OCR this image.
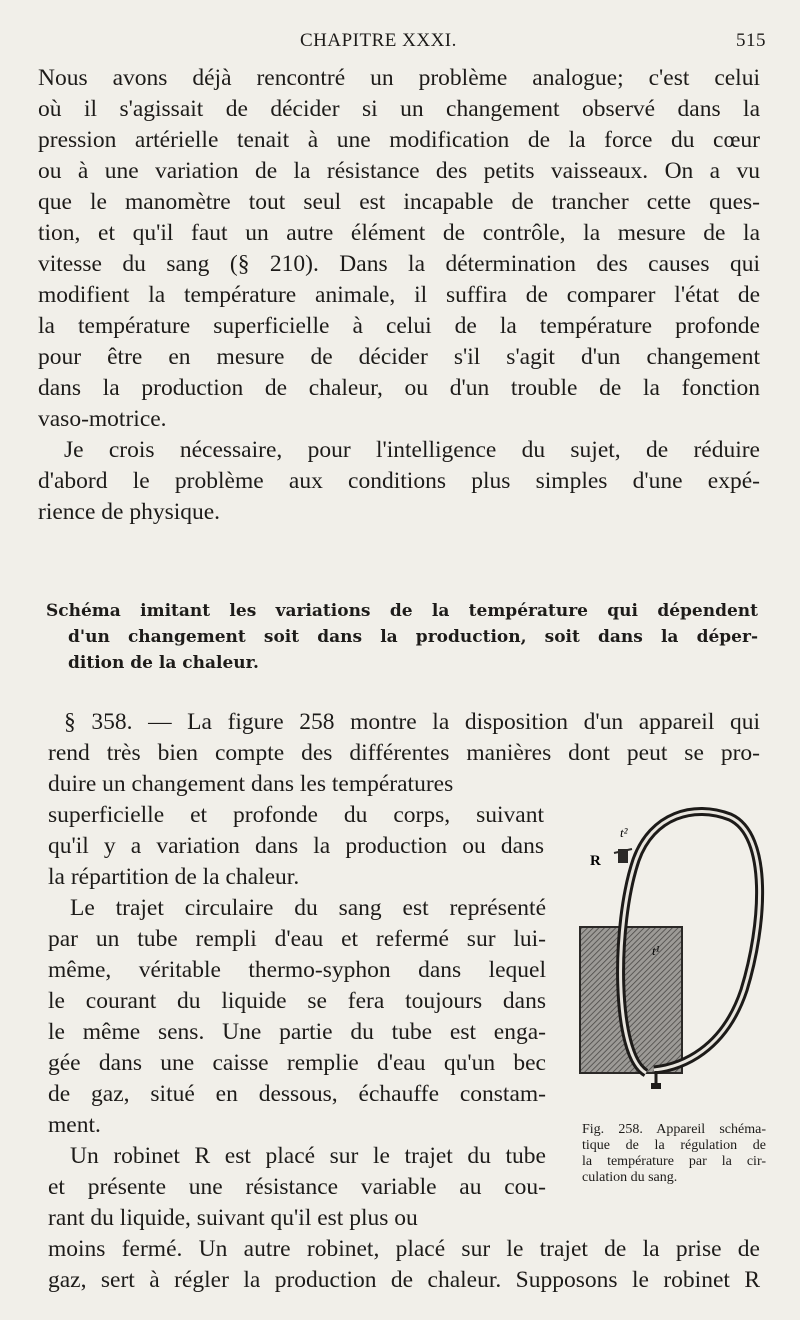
CHAPITRE XXXI.	515
Nous avons déjà rencontré un problème analogue; c'est celui
où il s'agissait de décider si un changement observé dans la
pression artérielle tenait à une modification de la force du cœur
ou à une variation de la résistance des petits vaisseaux. On a vu
que le manomètre tout seul est incapable de trancher cette ques-
tion, et qu'il faut un autre élément de contrôle, la mesure de la
vitesse du sang (§ 210). Dans la détermination des causes qui
modifient la température animale, il suffira de comparer l'état de
la température superficielle à celui de la température profonde
pour être en mesure de décider s'il s'agit d'un changement
dans la production de chaleur, ou d'un trouble de la fonction
vaso-motrice.
Je crois nécessaire, pour l'intelligence du sujet, de réduire
d'abord le problème aux conditions plus simples d'une expé-
rience de physique.
Schéma imitant les variations de la température qui dépendent
d'un changement soit dans la production, soit dans la déper-
dition de la chaleur.
§ 358. — La figure 258 montre la disposition d'un appareil qui
rend très bien compte des différentes manières dont peut se pro-
duire un changement dans les températures
superficielle et profonde du corps, suivant
qu'il y a variation dans la production ou dans
la répartition de la chaleur.
Le trajet circulaire du sang est représenté
par un tube rempli d'eau et refermé sur lui-
même, véritable thermo-syphon dans lequel
le courant du liquide se fera toujours dans
le même sens. Une partie du tube est enga-
gée dans une caisse remplie d'eau qu'un bec
de gaz, situé en dessous, échauffe constam-
ment.
Un robinet R est placé sur le trajet du tube
et présente une résistance variable au cou-
rant du liquide, suivant qu'il est plus ou
moins fermé. Un autre robinet, placé sur le trajet de la prise de
gaz, sert à régler la production de chaleur. Supposons le robinet R
R
t²
t¹
Fig. 258. Appareil schéma-
tique de la régulation de
la température par la cir-
culation du sang.
